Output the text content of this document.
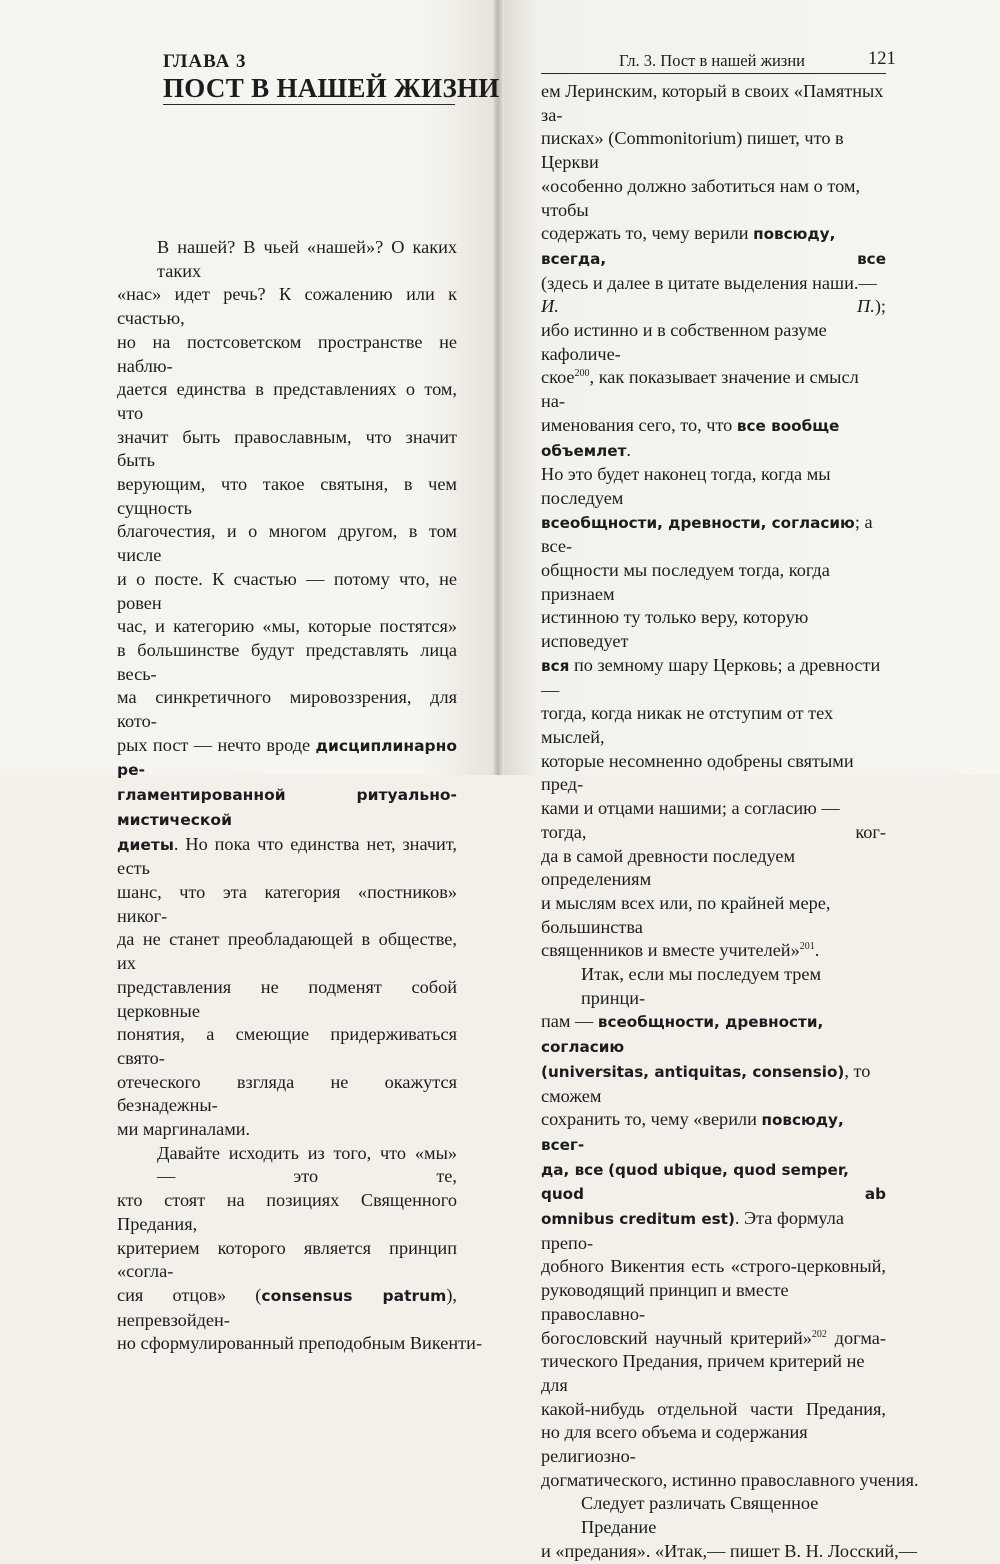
ГЛАВА 3
ПОСТ В НАШЕЙ ЖИЗНИ
В нашей? В чьей «нашей»? О каких таких
«нас» идет речь? К сожалению или к счастью,
но на постсоветском пространстве не наблю-
дается единства в представлениях о том, что
значит быть православным, что значит быть
верующим, что такое святыня, в чем сущность
благочестия, и о многом другом, в том числе
и о посте. К счастью — потому что, не ровен
час, и категорию «мы, которые постятся»
в большинстве будут представлять лица весь-
ма синкретичного мировоззрения, для кото-
рых пост — нечто вроде дисциплинарно ре-
гламентированной ритуально-мистической
диеты. Но пока что единства нет, значит, есть
шанс, что эта категория «постников» никог-
да не станет преобладающей в обществе, их
представления не подменят собой церковные
понятия, а смеющие придерживаться свято-
отеческого взгляда не окажутся безнадежны-
ми маргиналами.
Давайте исходить из того, что «мы» — это те,
кто стоят на позициях Священного Предания,
критерием которого является принцип «согла-
сия отцов» (consensus patrum), непревзойден-
но сформулированный преподобным Викенти-
Гл. 3. Пост в нашей жизни	121
ем Леринским, который в своих «Памятных за-
писках» (Commonitorium) пишет, что в Церкви
«особенно должно заботиться нам о том, чтобы
содержать то, чему верили повсюду, всегда, все
(здесь и далее в цитате выделения наши.— И. П.);
ибо истинно и в собственном разуме кафоличе-
ское$^{200}$, как показывает значение и смысл на-
именования сего, то, что все вообще объемлет.
Но это будет наконец тогда, когда мы последуем
всеобщности, древности, согласию; а все-
общности мы последуем тогда, когда признаем
истинною ту только веру, которую исповедует
вся по земному шару Церковь; а древности —
тогда, когда никак не отступим от тех мыслей,
которые несомненно одобрены святыми пред-
ками и отцами нашими; а согласию — тогда, ког-
да в самой древности последуем определениям
и мыслям всех или, по крайней мере, большинства
священников и вместе учителей»$^{201}$.
Итак, если мы последуем трем принци-
пам — всеобщности, древности, согласию
(universitas, antiquitas, consensio), то сможем
сохранить то, чему «верили повсюду, всег-
да, все (quod ubique, quod semper, quod ab
omnibus creditum est). Эта формула препо-
добного Викентия есть «строго-церковный,
руководящий принцип и вместе православно-
богословский научный критерий»$^{202}$ догма-
тического Предания, причем критерий не для
какой-нибудь отдельной части Предания,
но для всего объема и содержания религиозно-
догматического, истинно православного учения.
Следует различать Священное Предание
и «предания». «Итак,— пишет В. Н. Лосский,—
